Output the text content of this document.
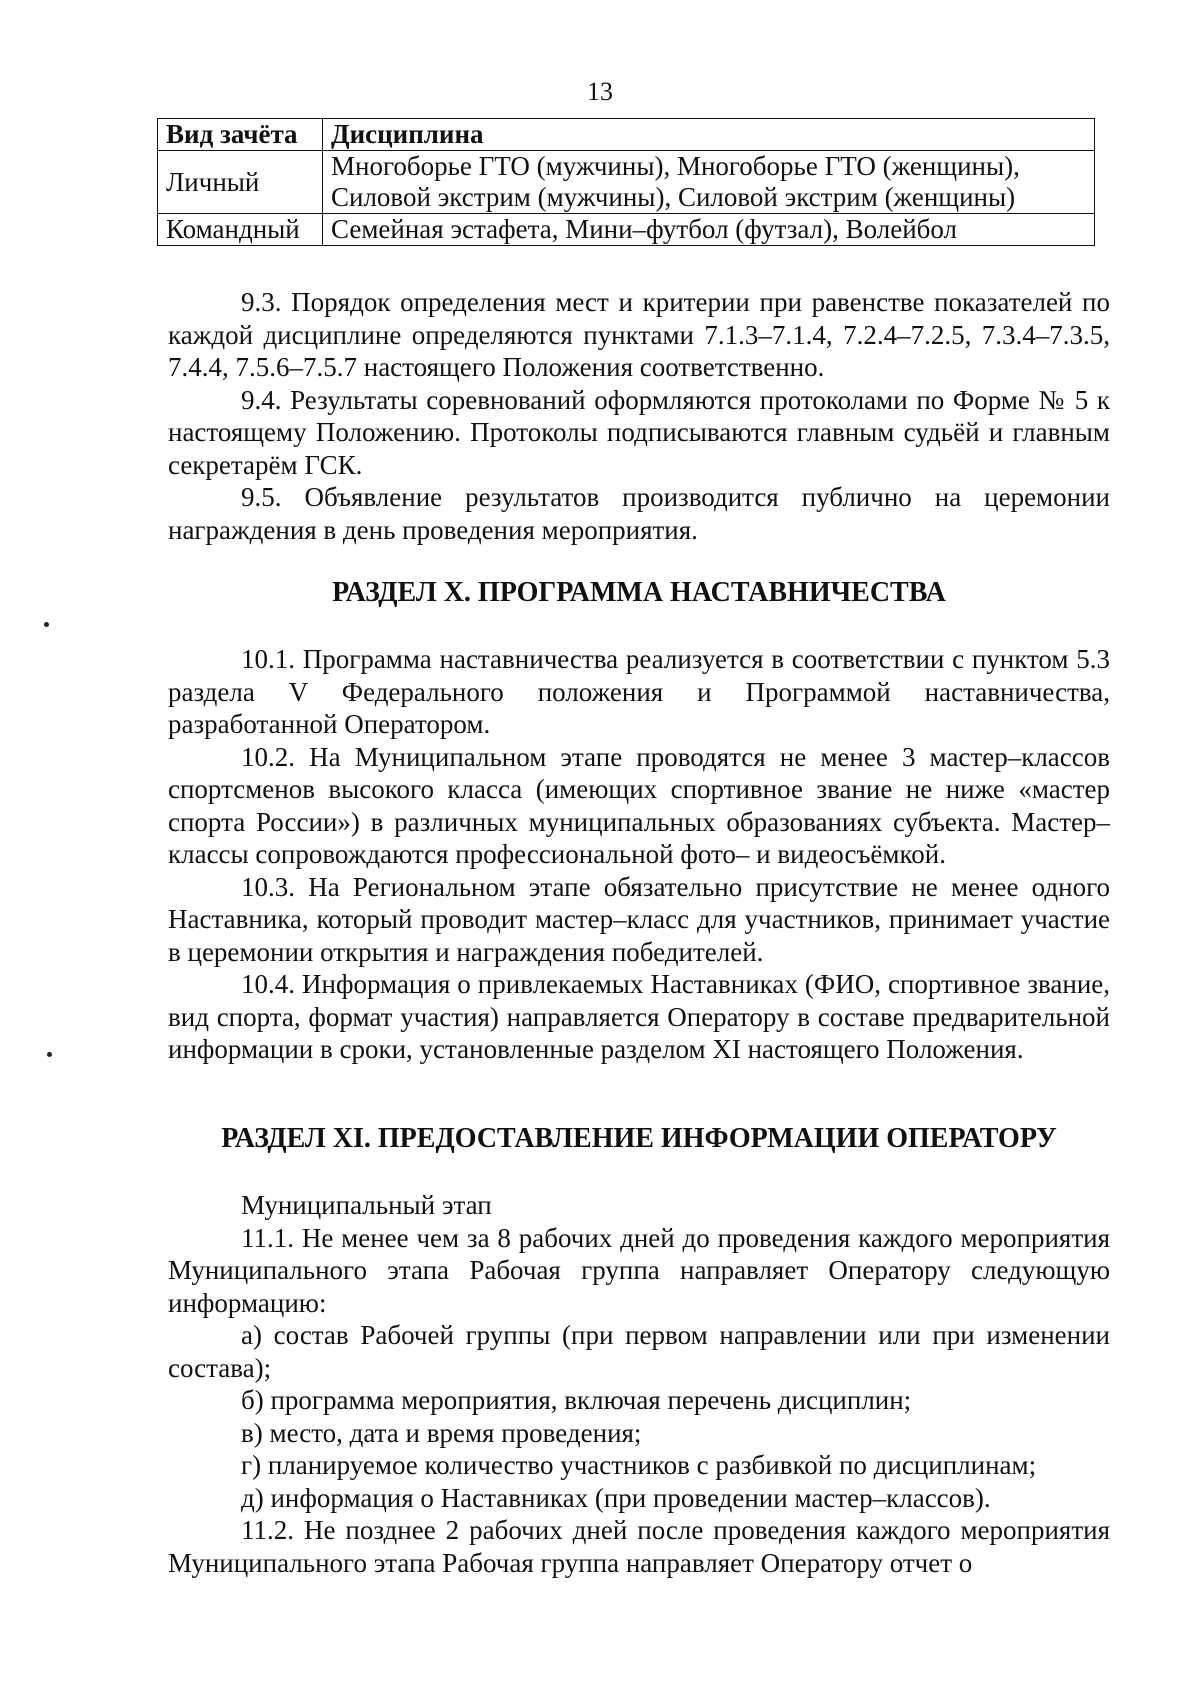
13
Вид зачёта	Дисциплина
Личный	Многоборье ГТО (мужчины), Многоборье ГТО (женщины), Силовой экстрим (мужчины), Силовой экстрим (женщины)
Командный	Семейная эстафета, Мини–футбол (футзал), Волейбол

9.3. Порядок определения мест и критерии при равенстве показателей по каждой дисциплине определяются пунктами 7.1.3–7.1.4, 7.2.4–7.2.5, 7.3.4–7.3.5, 7.4.4, 7.5.6–7.5.7 настоящего Положения соответственно.

9.4. Результаты соревнований оформляются протоколами по Форме № 5 к настоящему Положению. Протоколы подписываются главным судьёй и главным секретарём ГСК.

9.5. Объявление результатов производится публично на церемонии награждения в день проведения мероприятия.

РАЗДЕЛ X. ПРОГРАММА НАСТАВНИЧЕСТВА

10.1. Программа наставничества реализуется в соответствии с пунктом 5.3 раздела V Федерального положения и Программой наставничества, разработанной Оператором.

10.2. На Муниципальном этапе проводятся не менее 3 мастер–классов спортсменов высокого класса (имеющих спортивное звание не ниже «мастер спорта России») в различных муниципальных образованиях субъекта. Мастер–классы сопровождаются профессиональной фото– и видеосъёмкой.

10.3. На Региональном этапе обязательно присутствие не менее одного Наставника, который проводит мастер–класс для участников, принимает участие в церемонии открытия и награждения победителей.

10.4. Информация о привлекаемых Наставниках (ФИО, спортивное звание, вид спорта, формат участия) направляется Оператору в составе предварительной информации в сроки, установленные разделом XI настоящего Положения.

РАЗДЕЛ XI. ПРЕДОСТАВЛЕНИЕ ИНФОРМАЦИИ ОПЕРАТОРУ

Муниципальный этап

11.1. Не менее чем за 8 рабочих дней до проведения каждого мероприятия Муниципального этапа Рабочая группа направляет Оператору следующую информацию:

а) состав Рабочей группы (при первом направлении или при изменении состава);

б) программа мероприятия, включая перечень дисциплин;

в) место, дата и время проведения;

г) планируемое количество участников с разбивкой по дисциплинам;

д) информация о Наставниках (при проведении мастер–классов).

11.2. Не позднее 2 рабочих дней после проведения каждого мероприятия Муниципального этапа Рабочая группа направляет Оператору отчет о
